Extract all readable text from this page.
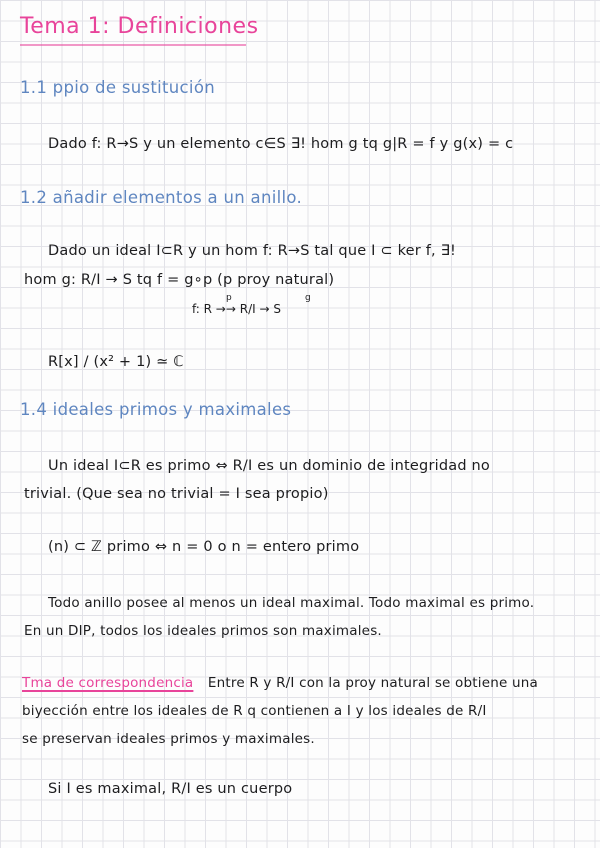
Tema 1: Definiciones
1.1 ppio de sustitución
Dado f: R→S y un elemento c∈S ∃! hom g tq g|R = f y g(x) = c
1.2 añadir elementos a un anillo.
Dado un ideal I⊂R y un hom f: R→S tal que I ⊂ ker f, ∃!
hom g: R/I → S tq f = g∘p (p proy natural)
f: R →→ R/I → S
p	g
R[x] / (x² + 1) ≃ ℂ
1.4 ideales primos y maximales
Un ideal I⊂R es primo ⇔ R/I es un dominio de integridad no
trivial. (Que sea no trivial = I sea propio)
(n) ⊂ ℤ primo ⇔ n = 0 o n = entero primo
Todo anillo posee al menos un ideal maximal. Todo maximal es primo.
En un DIP, todos los ideales primos son maximales.
Tma de correspondencia Entre R y R/I con la proy natural se obtiene una
biyección entre los ideales de R q contienen a I y los ideales de R/I
se preservan ideales primos y maximales.
Si I es maximal, R/I es un cuerpo
